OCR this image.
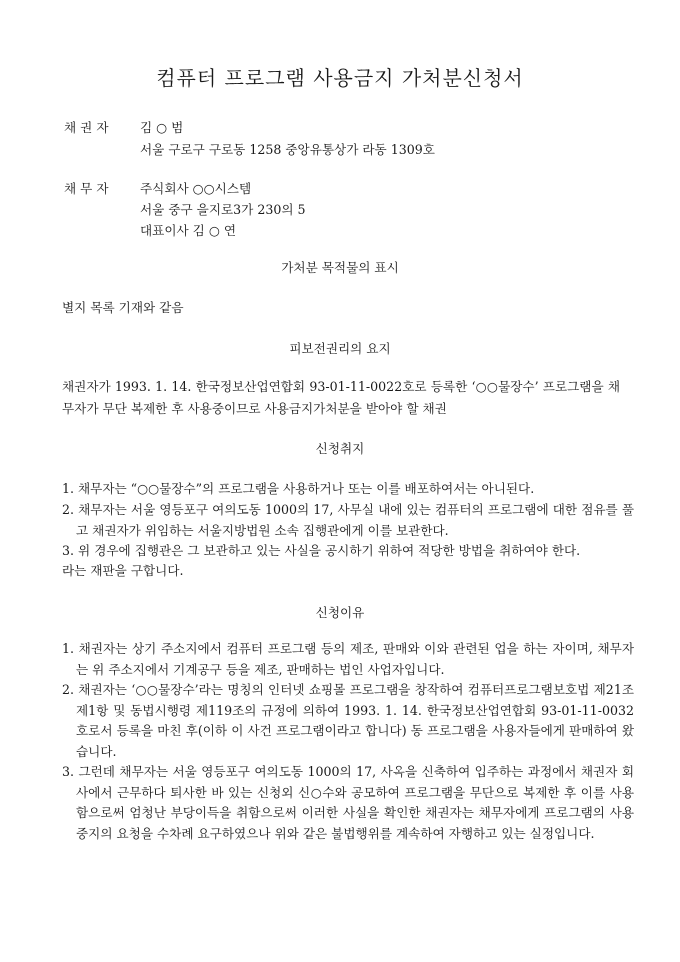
컴퓨터 프로그램 사용금지 가처분신청서
채 권 자 김 ○ 범
서울 구로구 구로동 1258 중앙유통상가 라동 1309호
채 무 자 주식회사 ○○시스템
서울 중구 을지로3가 230의 5
대표이사 김 ○ 연
가처분 목적물의 표시
별지 목록 기재와 같음
피보전권리의 요지
채권자가 1993. 1. 14. 한국정보산업연합회 93-01-11-0022호로 등록한 ‘○○물장수’ 프로그램을 채무자가 무단 복제한 후 사용중이므로 사용금지가처분을 받아야 할 채권
신청취지
1. 채무자는 “○○물장수”의 프로그램을 사용하거나 또는 이를 배포하여서는 아니된다.
2. 채무자는 서울 영등포구 여의도동 1000의 17, 사무실 내에 있는 컴퓨터의 프로그램에 대한 점유를 풀고 채권자가 위임하는 서울지방법원 소속 집행관에게 이를 보관한다.
3. 위 경우에 집행관은 그 보관하고 있는 사실을 공시하기 위하여 적당한 방법을 취하여야 한다.
라는 재판을 구합니다.
신청이유
1. 채권자는 상기 주소지에서 컴퓨터 프로그램 등의 제조, 판매와 이와 관련된 업을 하는 자이며, 채무자는 위 주소지에서 기계공구 등을 제조, 판매하는 법인 사업자입니다.
2. 채권자는 ‘○○물장수’라는 명칭의 인터넷 쇼핑몰 프로그램을 창작하여 컴퓨터프로그램보호법 제21조 제1항 및 동법시행령 제119조의 규정에 의하여 1993. 1. 14. 한국정보산업연합회 93-01-11-0032호로서 등록을 마친 후(이하 이 사건 프로그램이라고 합니다) 동 프로그램을 사용자들에게 판매하여 왔습니다.
3. 그런데 채무자는 서울 영등포구 여의도동 1000의 17, 사옥을 신축하여 입주하는 과정에서 채권자 회사에서 근무하다 퇴사한 바 있는 신청외 신○수와 공모하여 프로그램을 무단으로 복제한 후 이를 사용함으로써 엄청난 부당이득을 취함으로써 이러한 사실을 확인한 채권자는 채무자에게 프로그램의 사용중지의 요청을 수차례 요구하였으나 위와 같은 불법행위를 계속하여 자행하고 있는 실정입니다.
